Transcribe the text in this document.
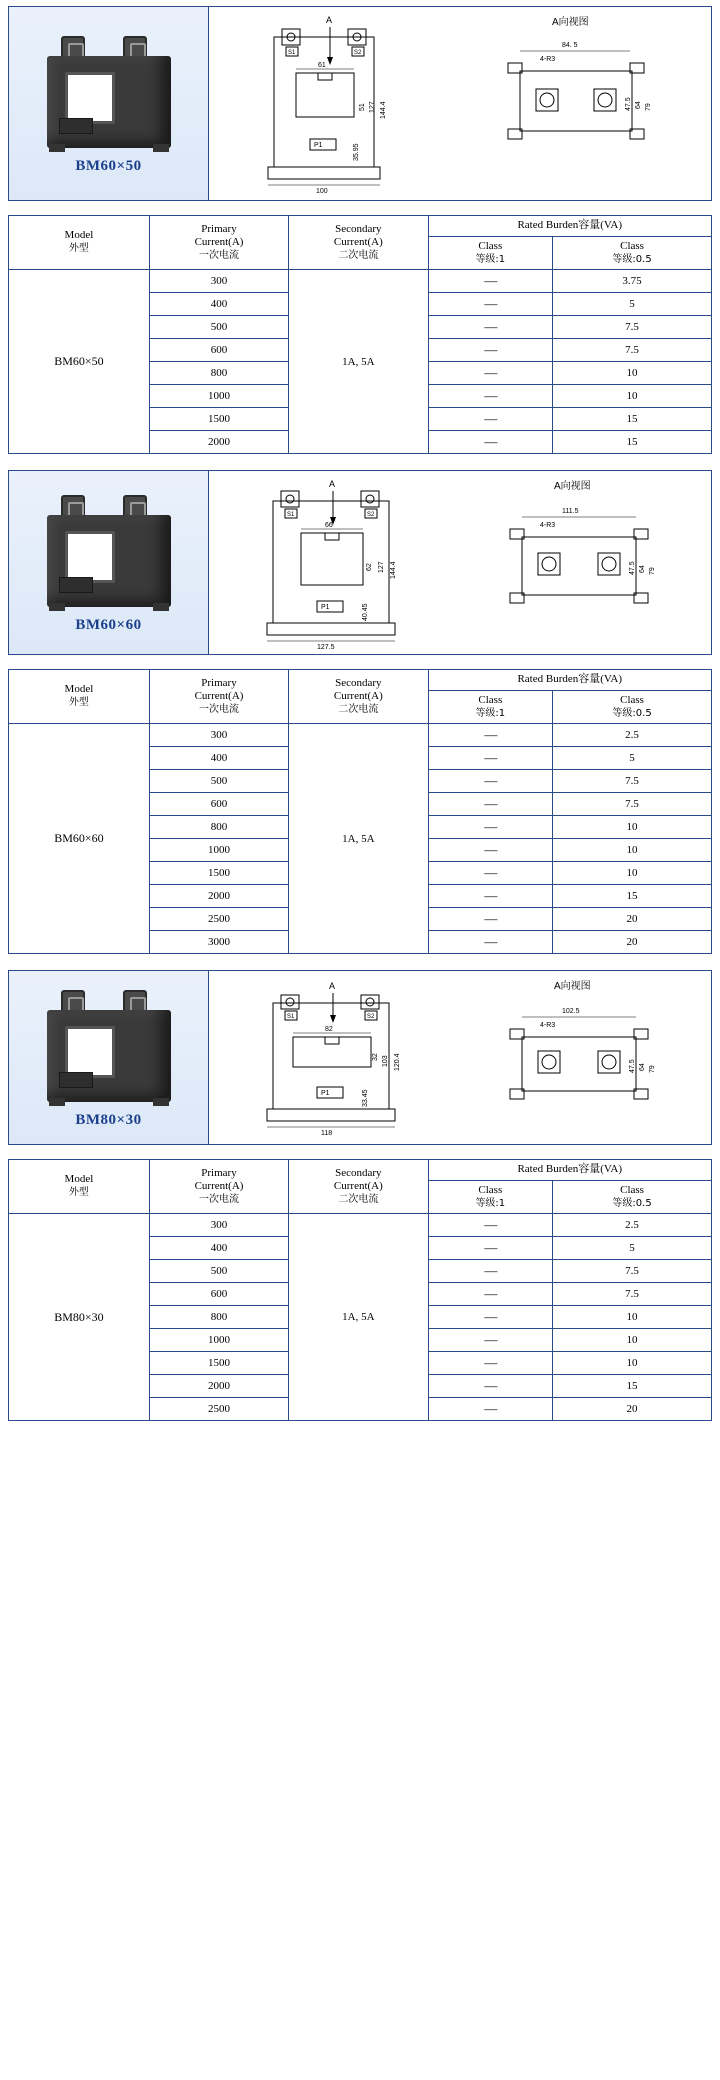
BM60×50
A
S1	S2
P1
61
51 127 144.4
35.95
100
A向视图
84. 5
4-R3
64 79
47.5
Model
外型

Primary
Current(A)
一次电流

Secondary
Current(A)
二次电流
	Rated Burden容量(VA)

Class
等级:1

Class
等级:0.5

BM60×50	300	1A, 5A	—	3.75
	400		—	5
	500		—	7.5
	600		—	7.5
	800		—	10
	1000		—	10
	1500		—	15
	2000		—	15
BM60×60
A
S1	S2
P1
66
62 127 144.4
40.45
127.5
A向视图
111.5
4-R3
64 79
47.5
Model
外型

Primary
Current(A)
一次电流

Secondary
Current(A)
二次电流
	Rated Burden容量(VA)

Class
等级:1

Class
等级:0.5

BM60×60	300	1A, 5A	—	2.5
	400		—	5
	500		—	7.5
	600		—	7.5
	800		—	10
	1000		—	10
	1500		—	10
	2000		—	15
	2500		—	20
	3000		—	20
BM80×30
A
S1	S2
P1
82
32 103 120.4
33.45
118
A向视图
102.5
4-R3
64 79
47.5
Model
外型

Primary
Current(A)
一次电流

Secondary
Current(A)
二次电流
	Rated Burden容量(VA)

Class
等级:1

Class
等级:0.5

BM80×30	300	1A, 5A	—	2.5
	400		—	5
	500		—	7.5
	600		—	7.5
	800		—	10
	1000		—	10
	1500		—	10
	2000		—	15
	2500		—	20
